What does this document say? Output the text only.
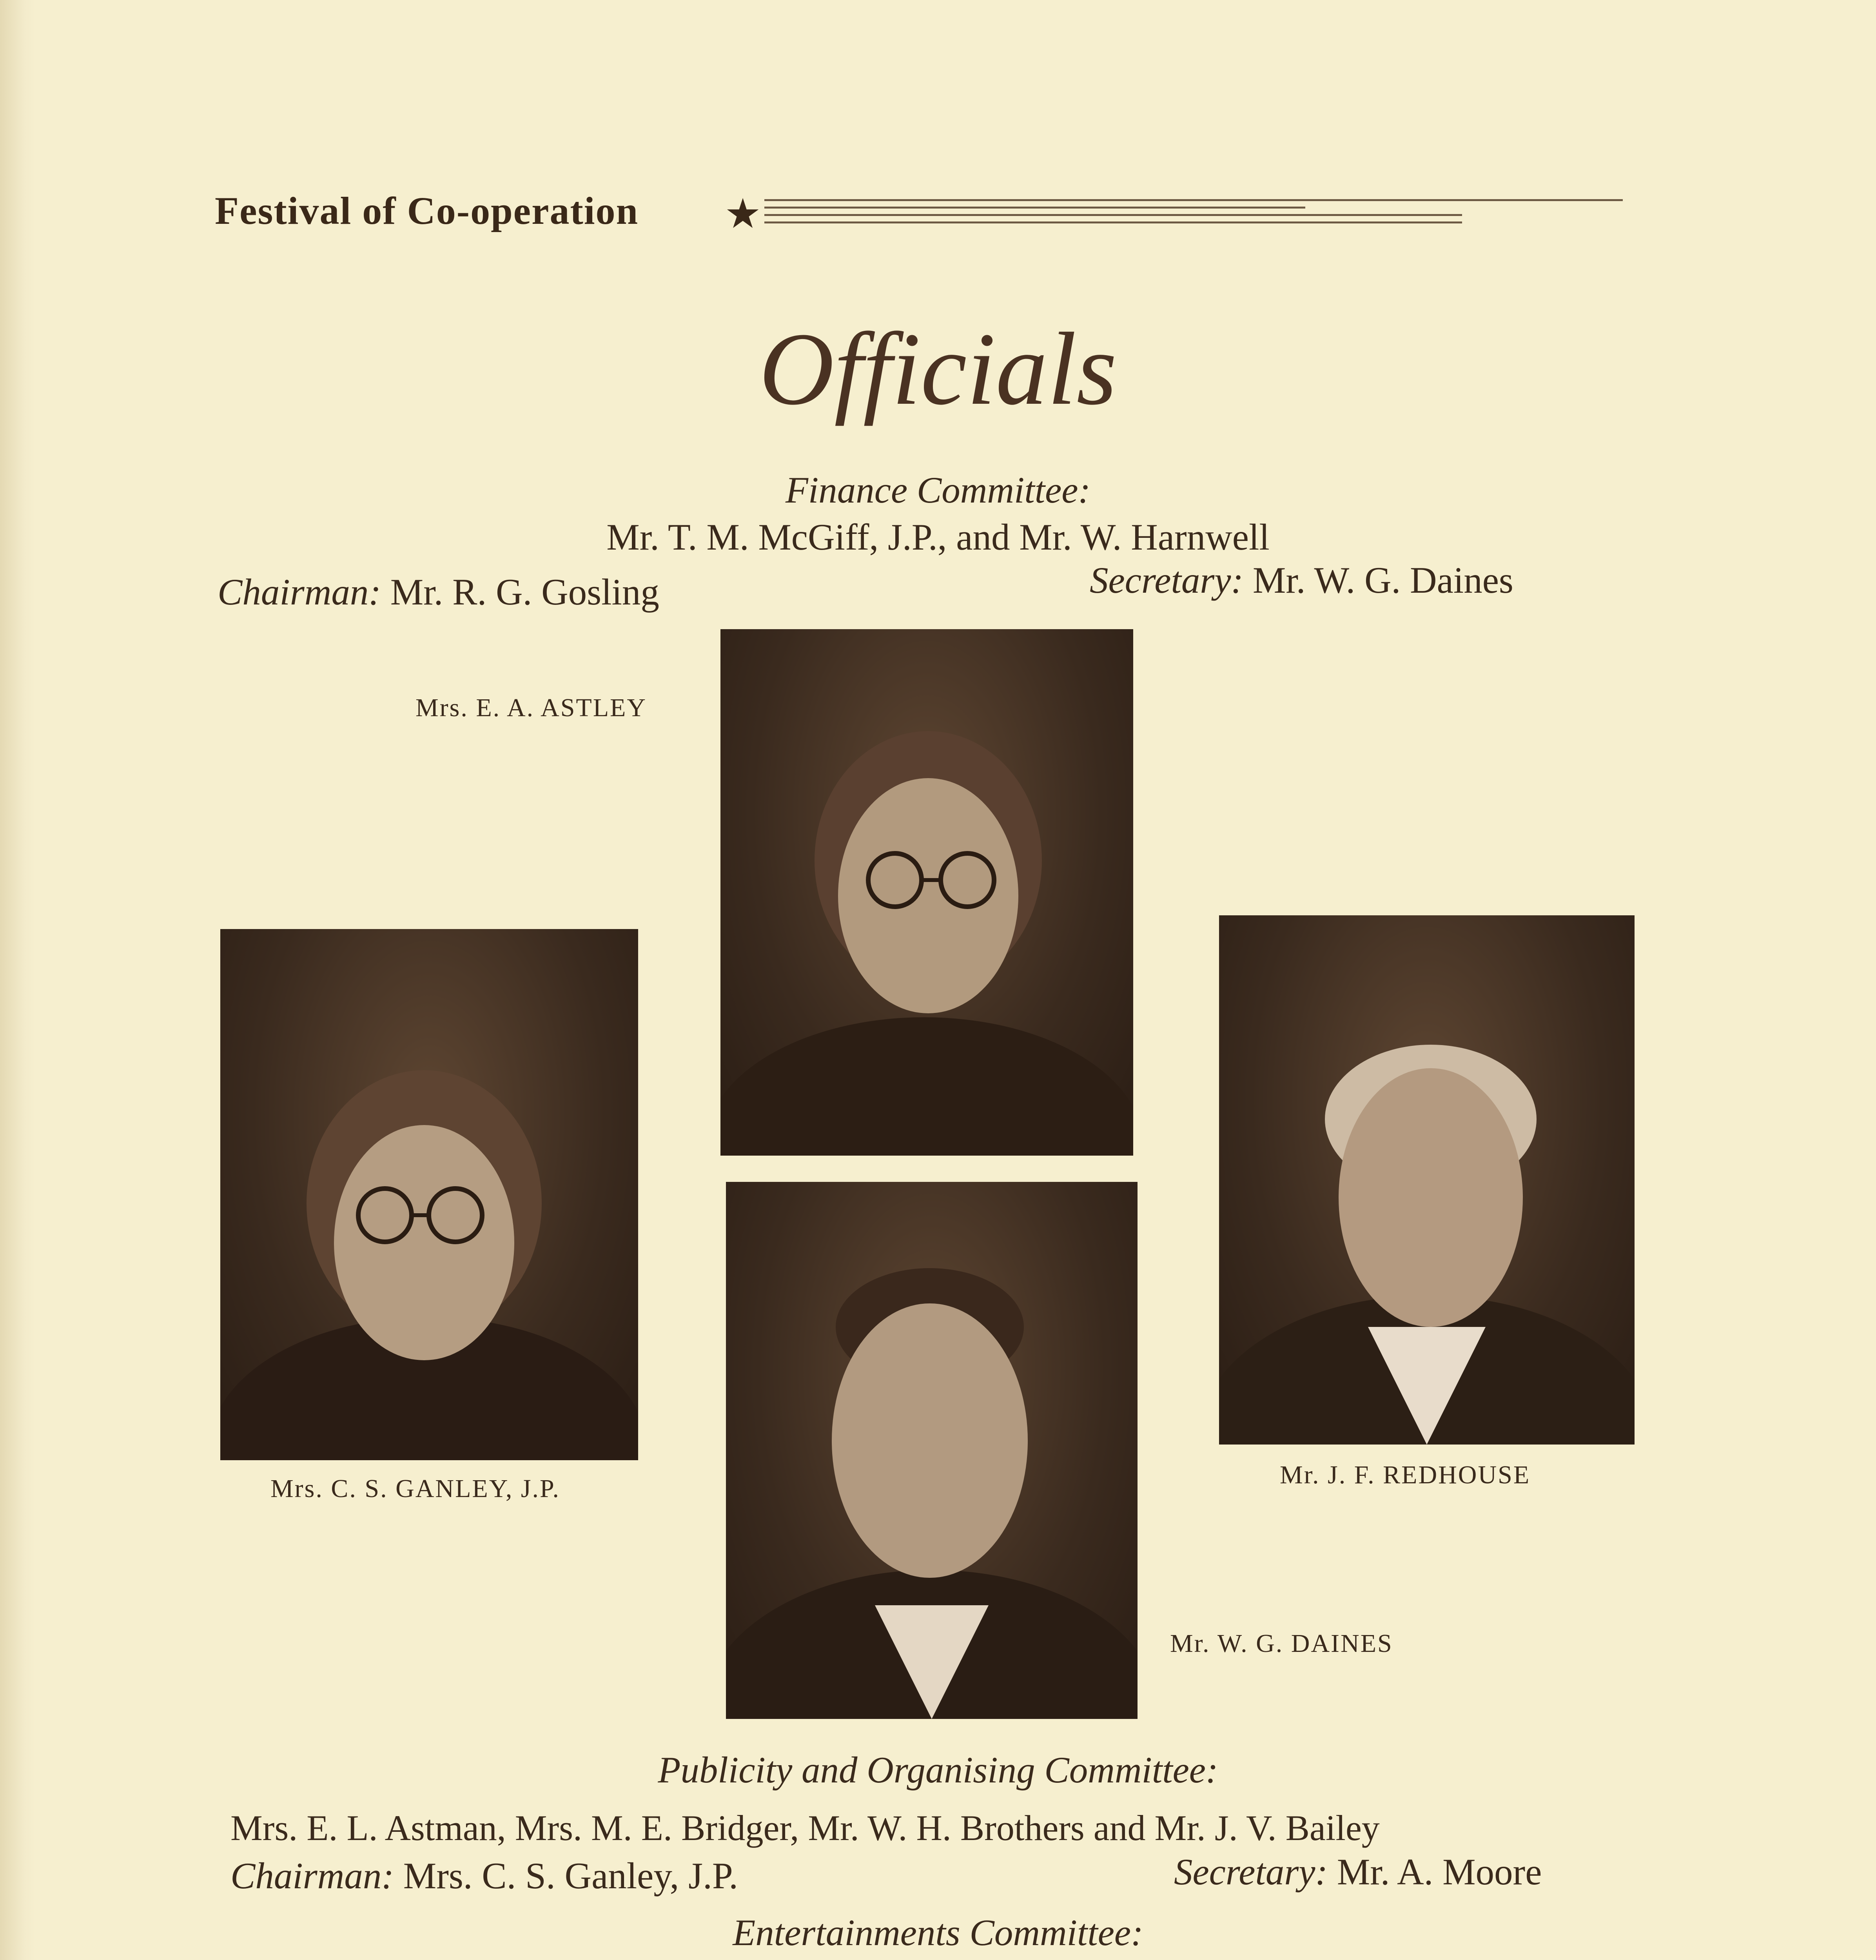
Festival of Co-operation ★
Officials
Finance Committee:
Mr. T. M. McGiff, J.P., and Mr. W. Harnwell
Chairman: Mr. R. G. Gosling	Secretary: Mr. W. G. Daines
Mrs. E. A. ASTLEY
Mrs. C. S. GANLEY, J.P.	Mr. J. F. REDHOUSE
Mr. W. G. DAINES
Publicity and Organising Committee:
Mrs. E. L. Astman, Mrs. M. E. Bridger, Mr. W. H. Brothers and Mr. J. V. Bailey
Chairman: Mrs. C. S. Ganley, J.P.	Secretary: Mr. A. Moore
Entertainments Committee:
